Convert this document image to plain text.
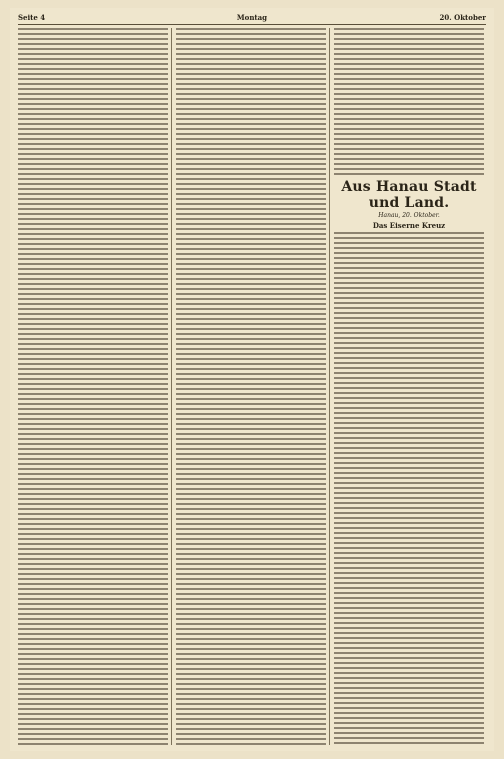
Seite 4	Montag	20. Oktober
Aus Hanau Stadt und Land.
Hanau, 20. Oktober.
Das Eiserne Kreuz
